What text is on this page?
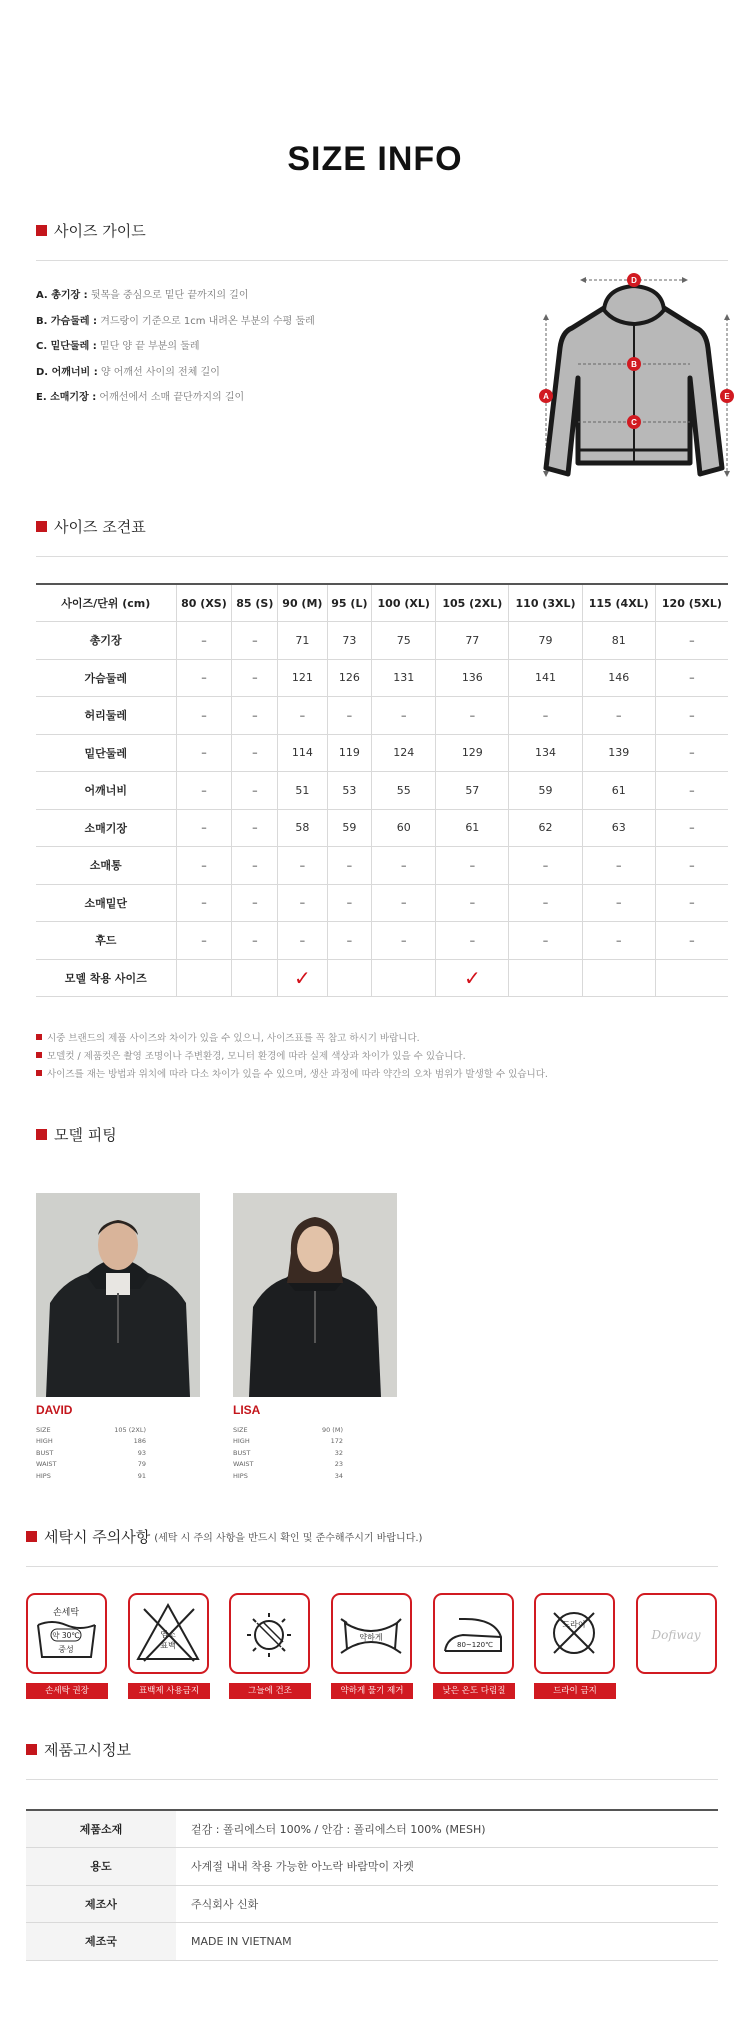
SIZE INFO
사이즈 가이드
A. 총기장 : 뒷목을 중심으로 밑단 끝까지의 길이
B. 가슴둘레 : 겨드랑이 기준으로 1cm 내려온 부분의 수평 둘레
C. 밑단둘레 : 밑단 양 끝 부분의 둘레
D. 어깨너비 : 양 어깨선 사이의 전체 길이
E. 소매기장 : 어깨선에서 소매 끝단까지의 길이
D
B
C
A	E
사이즈 조견표
사이즈/단위 (cm)	80 (XS)	85 (S)	90 (M)	95 (L)	100 (XL)	105 (2XL)	110 (3XL)	115 (4XL)	120 (5XL)
총기장	–	–	71	73	75	77	79	81	–
가슴둘레	–	–	121	126	131	136	141	146	–
허리둘레	–	–	–	–	–	–	–	–	–
밑단둘레	–	–	114	119	124	129	134	139	–
어깨너비	–	–	51	53	55	57	59	61	–
소매기장	–	–	58	59	60	61	62	63	–
소매통	–	–	–	–	–	–	–	–	–
소매밑단	–	–	–	–	–	–	–	–	–
후드	–	–	–	–	–	–	–	–	–
모델 착용 사이즈			✓			✓			
시중 브랜드의 제품 사이즈와 차이가 있을 수 있으니, 사이즈표를 꼭 참고 하시기 바랍니다.
모델컷 / 제품컷은 촬영 조명이나 주변환경, 모니터 환경에 따라 실제 색상과 차이가 있을 수 있습니다.
사이즈를 재는 방법과 위치에 따라 다소 차이가 있을 수 있으며, 생산 과정에 따라 약간의 오차 범위가 발생할 수 있습니다.
모델 피팅
DAVID
SIZE	105 (2XL)
HIGH	186
BUST	93
WAIST	79
HIPS	91
LISA
SIZE	90 (M)
HIGH	172
BUST	32
WAIST	23
HIPS	34
세탁시 주의사항 (세탁 시 주의 사항을 반드시 확인 및 준수해주시기 바랍니다.)
손세탁
약 30℃
중성
손세탁 권장
염소
표백
표백제 사용금지	그늘에 건조
약하게
약하게 물기 제거
80~120℃
낮은 온도 다림질
드라이
드라이 금지
Dofiway
제품고시정보
제품소재	겉감 : 폴리에스터 100% / 안감 : 폴리에스터 100% (MESH)
용도	사계절 내내 착용 가능한 아노락 바람막이 자켓
제조사	주식회사 신화
제조국	MADE IN VIETNAM
